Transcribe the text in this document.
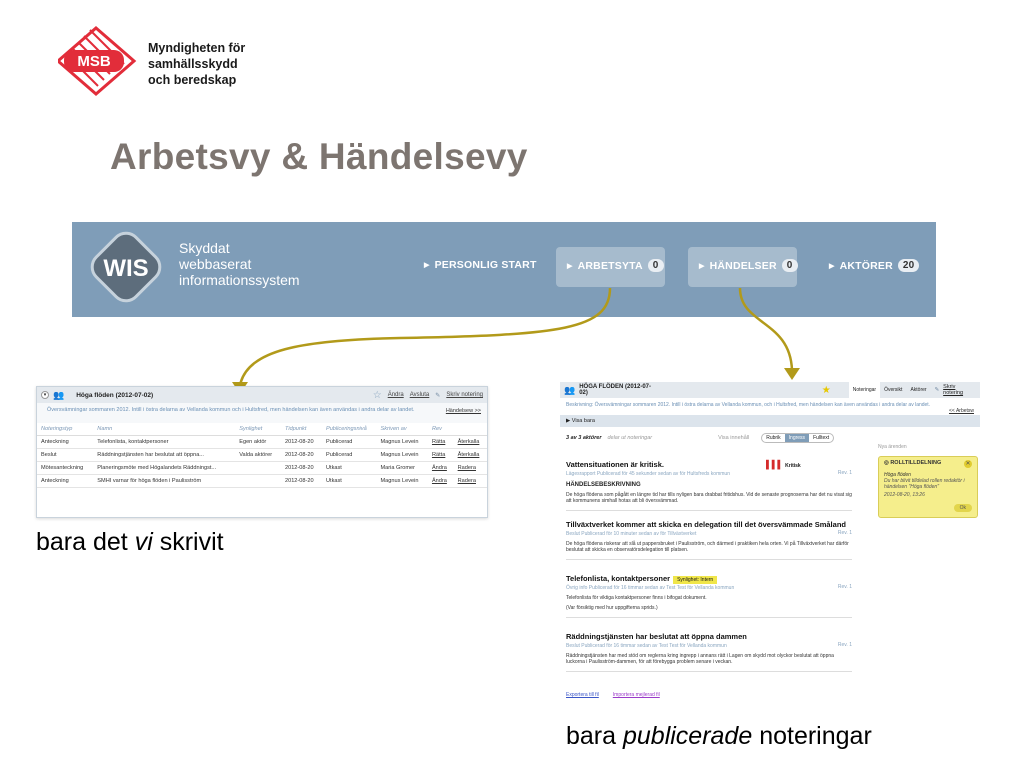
MSB
Myndigheten för
samhällsskydd
och beredskap
Arbetsvy & Händelsevy
WIS
Skyddat
webbaserat
informationssystem
▶ PERSONLIG START	▶ ARBETSYTA	0	▶ HÄNDELSER	0	▶ AKTÖRER	20
▾ 👥 Höga flöden (2012-07-02)	☆ Ändra Avsluta ✎ Skriv notering
Översvämningar sommaren 2012. Intill i östra delarna av Vellanda kommun och i Hultsfred, men händelsen kan även användas i andra delar av landet.	Händelsew >>
Noteringstyp	Namn	Synlighet	Tidpunkt	Publiceringsnivå	Skriven av	Rev	
Anteckning	Telefonlista, kontaktpersoner	Egen aktör	2012-08-20	Publicerad	Magnus Levein	Rätta	Återkalla
Beslut	Räddningstjänsten har beslutat att öppna...	Valda aktörer	2012-08-20	Publicerad	Magnus Levein	Rätta	Återkalla
Mötesanteckning	Planeringsmöte med Högalandets Räddningst...		2012-08-20	Utkast	Maria Gromer	Ändra	Radera
Anteckning	SMHI varnar för höga flöden i Paulisström		2012-08-20	Utkast	Magnus Levein	Ändra	Radera
bara det vi skrivit
👥 HÖGA FLÖDEN (2012-07-02)	★	Noteringar	Översikt	Aktörer	✎ Skriv notering
Beskrivning: Översvämningar sommaren 2012. Intill i östra delarna av Vellanda kommun, och i Hultsfred, men händelsen kan även användas i andra delar av landet.
<< Arbetsw
▶ Visa bara
3 av 3 aktörer delar ut noteringar	Visa innehåll	Rubrik	Ingress	Fulltext
Vattensituationen är kritisk.	▌▌▌ Kritisk
Lägesrapport Publicerad för 45 sekunder sedan av för Hultsfreds kommun	Rev. 1
HÄNDELSEBESKRIVNING
De höga flödena som pågått en längre tid har tills nyligen bara drabbat fritidshus. Vid de senaste prognoserna har det nu visat sig att kommunens simhall hotas att bli översvämmad.
Tillväxtverket kommer att skicka en delegation till det översvämmade Småland
Beslut Publicerad för 10 minuter sedan av för Tillväxtverket	Rev. 1
De höga flödena riskerar att slå ut pappersbruket i Paulisström, och därmed i praktiken hela orten. Vi på Tillväxtverket har därför beslutat att skicka en observatörsdelegation till platsen.
Telefonlista, kontaktpersoner Synlighet: Intern
Övrig info Publicerad för 16 timmar sedan av Test Test för Vellanda kommun	Rev. 1
Telefonlista för viktiga kontaktpersoner finns i bifogat dokument.
(Var försiktig med hur uppgifterna sprids.)
Räddningstjänsten har beslutat att öppna dammen
Beslut Publicerad för 16 timmar sedan av Test Test för Vellanda kommun	Rev. 1
Räddningstjänsten har med stöd om reglerna kring ingrepp i annans rätt i Lagen om skydd mot olyckor beslutat att öppna luckorna i Paulisström-dammen, för att förebygga problem senare i veckan.
Exportera till fil	Importera mejlerad fil
Nya ärenden
◎ ROLLTILLDELNING	✕
Höga flöden
Du har blivit tilldelad rollen redaktör i händelsen "Höga flöden"
2012-08-20, 13:26
Ok
bara publicerade noteringar
